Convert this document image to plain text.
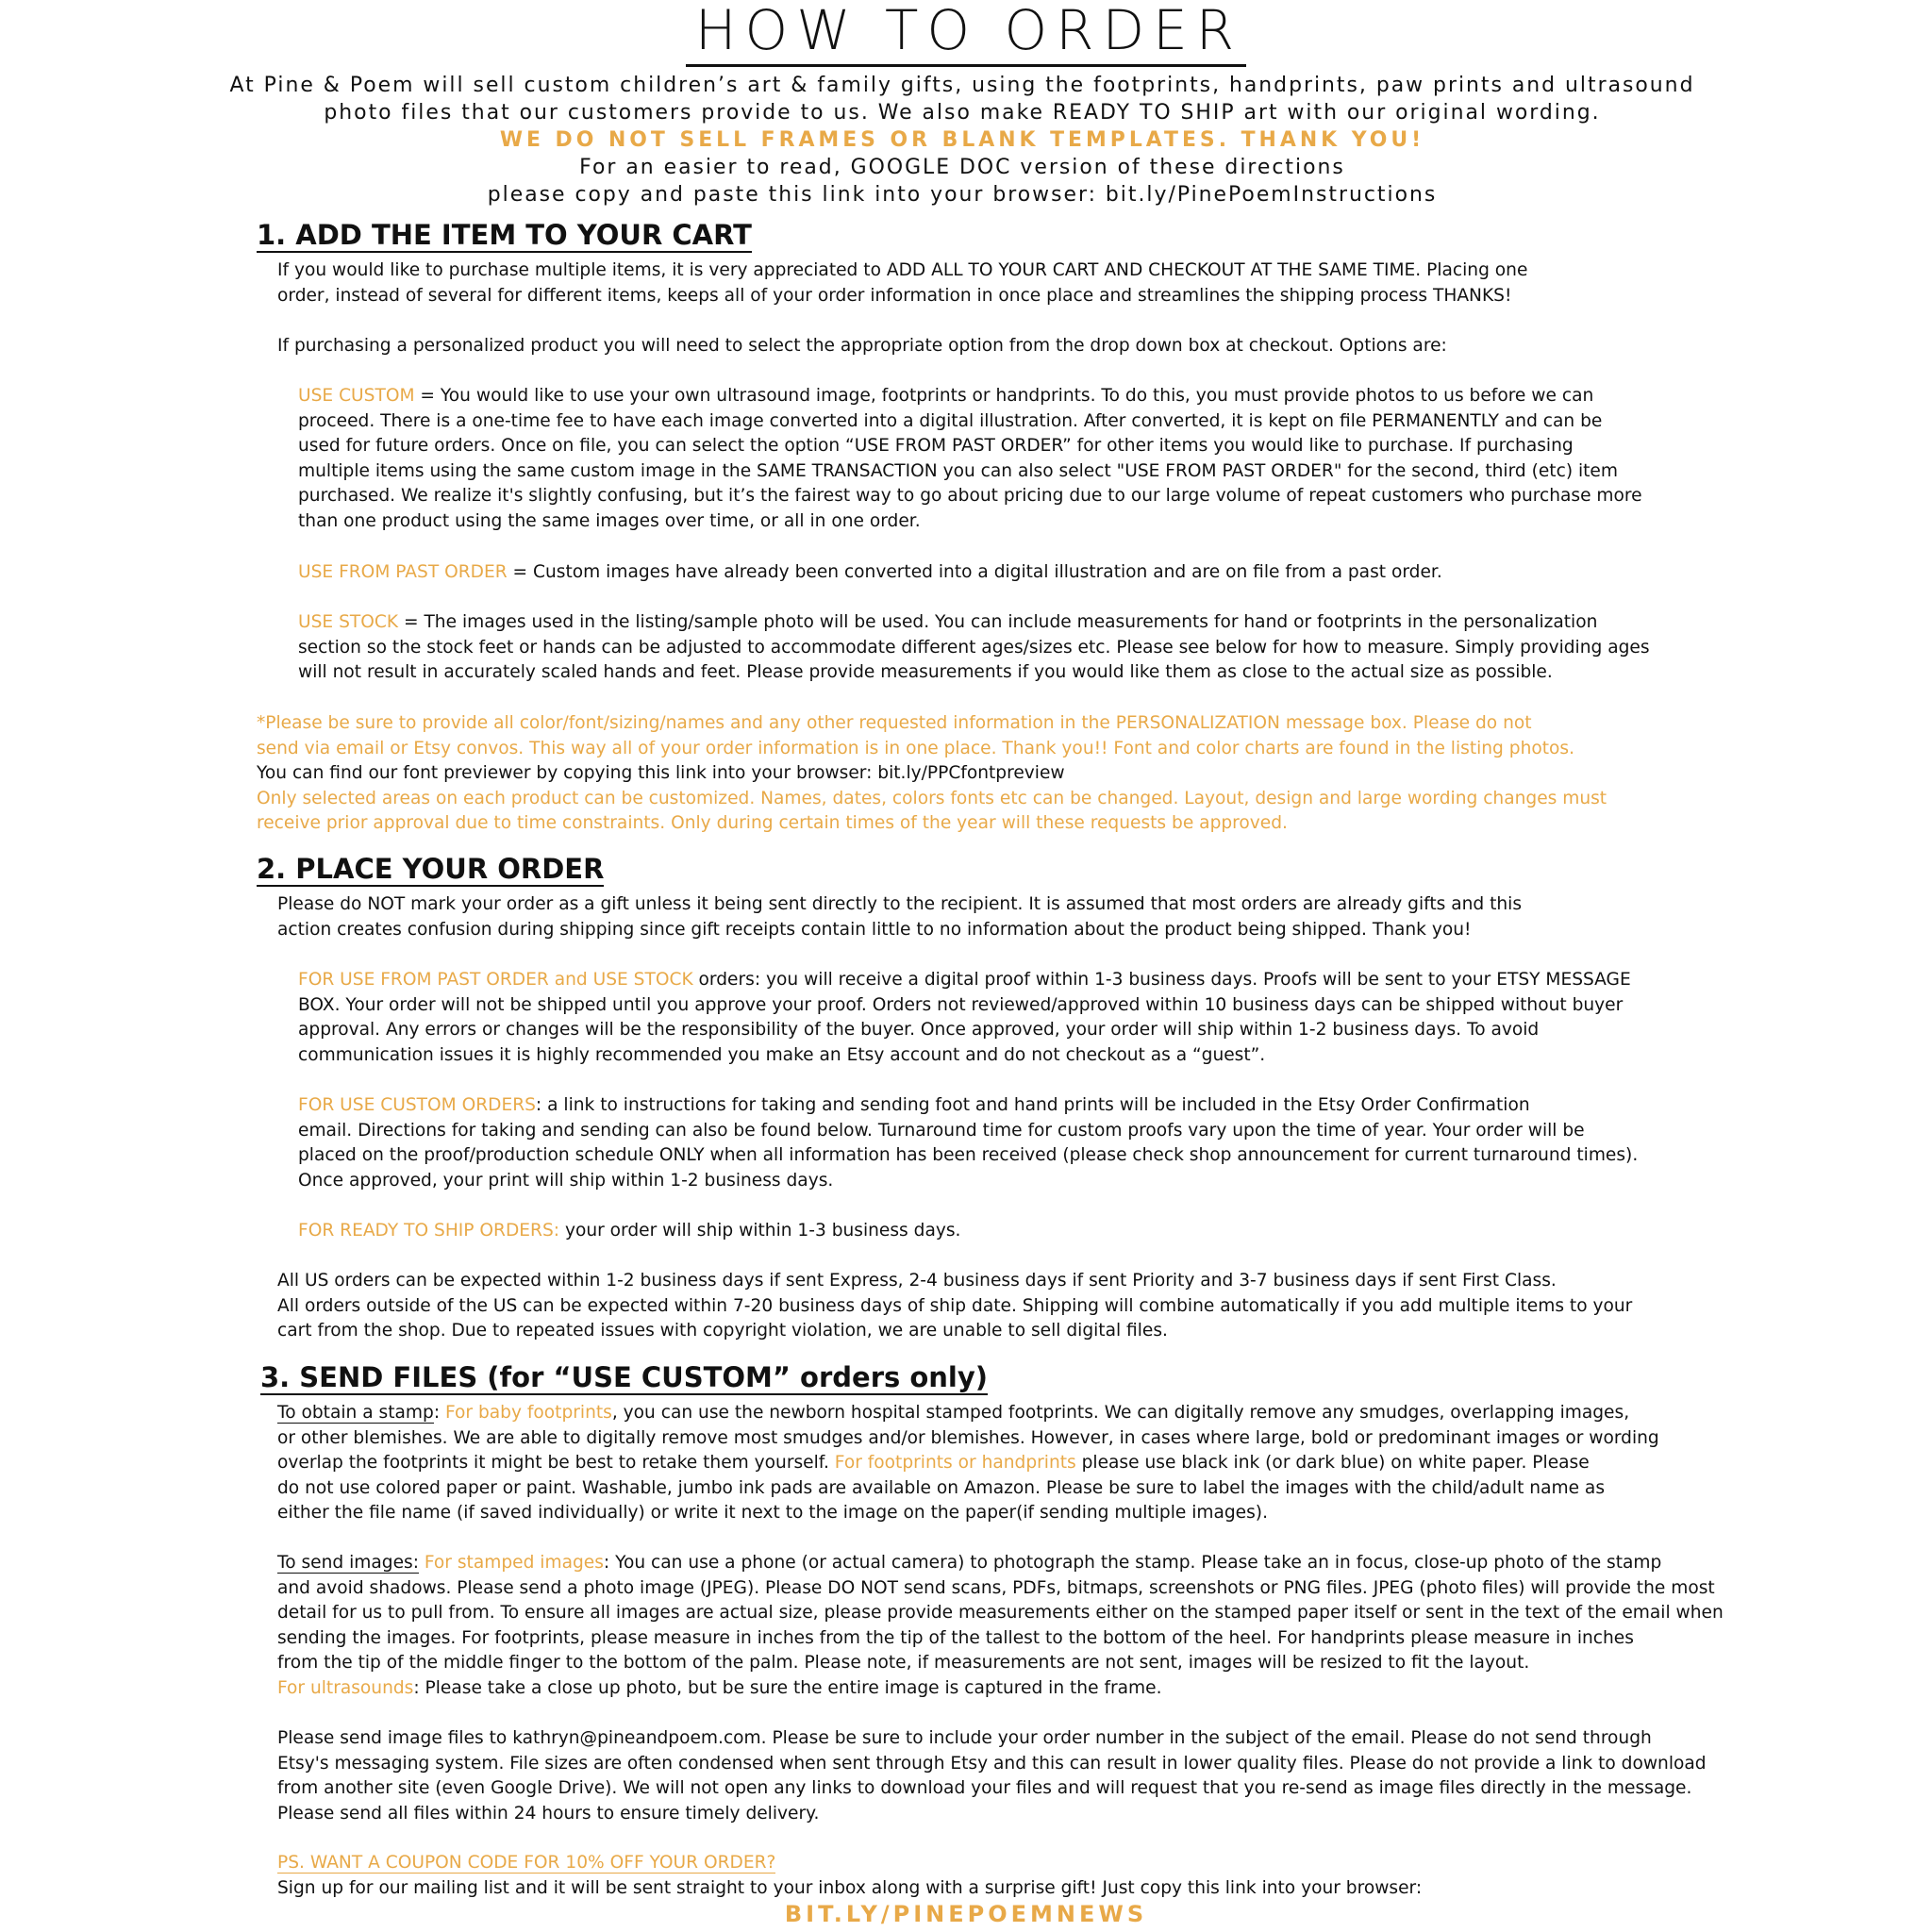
HOW TO ORDER
At Pine & Poem will sell custom children’s art & family gifts, using the footprints, handprints, paw prints and ultrasound
photo files that our customers provide to us. We also make READY TO SHIP art with our original wording.
WE DO NOT SELL FRAMES OR BLANK TEMPLATES. THANK YOU!
For an easier to read, GOOGLE DOC version of these directions
please copy and paste this link into your browser: bit.ly/PinePoemInstructions
1. ADD THE ITEM TO YOUR CART
If you would like to purchase multiple items, it is very appreciated to ADD ALL TO YOUR CART AND CHECKOUT AT THE SAME TIME. Placing one
order, instead of several for different items, keeps all of your order information in once place and streamlines the shipping process THANKS!
If purchasing a personalized product you will need to select the appropriate option from the drop down box at checkout. Options are:
USE CUSTOM = You would like to use your own ultrasound image, footprints or handprints. To do this, you must provide photos to us before we can
proceed. There is a one-time fee to have each image converted into a digital illustration. After converted, it is kept on file PERMANENTLY and can be
used for future orders. Once on file, you can select the option “USE FROM PAST ORDER” for other items you would like to purchase. If purchasing
multiple items using the same custom image in the SAME TRANSACTION you can also select "USE FROM PAST ORDER" for the second, third (etc) item
purchased. We realize it's slightly confusing, but it’s the fairest way to go about pricing due to our large volume of repeat customers who purchase more
than one product using the same images over time, or all in one order.
USE FROM PAST ORDER = Custom images have already been converted into a digital illustration and are on file from a past order.
USE STOCK = The images used in the listing/sample photo will be used. You can include measurements for hand or footprints in the personalization
section so the stock feet or hands can be adjusted to accommodate different ages/sizes etc. Please see below for how to measure. Simply providing ages
will not result in accurately scaled hands and feet. Please provide measurements if you would like them as close to the actual size as possible.
*Please be sure to provide all color/font/sizing/names and any other requested information in the PERSONALIZATION message box. Please do not
send via email or Etsy convos. This way all of your order information is in one place. Thank you!! Font and color charts are found in the listing photos.
You can find our font previewer by copying this link into your browser: bit.ly/PPCfontpreview
Only selected areas on each product can be customized. Names, dates, colors fonts etc can be changed. Layout, design and large wording changes must
receive prior approval due to time constraints. Only during certain times of the year will these requests be approved.
2. PLACE YOUR ORDER
Please do NOT mark your order as a gift unless it being sent directly to the recipient. It is assumed that most orders are already gifts and this
action creates confusion during shipping since gift receipts contain little to no information about the product being shipped. Thank you!
FOR USE FROM PAST ORDER and USE STOCK orders: you will receive a digital proof within 1-3 business days. Proofs will be sent to your ETSY MESSAGE
BOX. Your order will not be shipped until you approve your proof. Orders not reviewed/approved within 10 business days can be shipped without buyer
approval. Any errors or changes will be the responsibility of the buyer. Once approved, your order will ship within 1-2 business days. To avoid
communication issues it is highly recommended you make an Etsy account and do not checkout as a “guest”.
FOR USE CUSTOM ORDERS: a link to instructions for taking and sending foot and hand prints will be included in the Etsy Order Confirmation
email. Directions for taking and sending can also be found below. Turnaround time for custom proofs vary upon the time of year. Your order will be
placed on the proof/production schedule ONLY when all information has been received (please check shop announcement for current turnaround times).
Once approved, your print will ship within 1-2 business days.
FOR READY TO SHIP ORDERS: your order will ship within 1-3 business days.
All US orders can be expected within 1-2 business days if sent Express, 2-4 business days if sent Priority and 3-7 business days if sent First Class.
All orders outside of the US can be expected within 7-20 business days of ship date. Shipping will combine automatically if you add multiple items to your
cart from the shop. Due to repeated issues with copyright violation, we are unable to sell digital files.
3. SEND FILES (for “USE CUSTOM” orders only)
To obtain a stamp: For baby footprints, you can use the newborn hospital stamped footprints. We can digitally remove any smudges, overlapping images,
or other blemishes. We are able to digitally remove most smudges and/or blemishes. However, in cases where large, bold or predominant images or wording
overlap the footprints it might be best to retake them yourself. For footprints or handprints please use black ink (or dark blue) on white paper. Please
do not use colored paper or paint. Washable, jumbo ink pads are available on Amazon. Please be sure to label the images with the child/adult name as
either the file name (if saved individually) or write it next to the image on the paper(if sending multiple images).
To send images: For stamped images: You can use a phone (or actual camera) to photograph the stamp. Please take an in focus, close-up photo of the stamp
and avoid shadows. Please send a photo image (JPEG). Please DO NOT send scans, PDFs, bitmaps, screenshots or PNG files. JPEG (photo files) will provide the most
detail for us to pull from. To ensure all images are actual size, please provide measurements either on the stamped paper itself or sent in the text of the email when
sending the images. For footprints, please measure in inches from the tip of the tallest to the bottom of the heel. For handprints please measure in inches
from the tip of the middle finger to the bottom of the palm. Please note, if measurements are not sent, images will be resized to fit the layout.
For ultrasounds: Please take a close up photo, but be sure the entire image is captured in the frame.
Please send image files to kathryn@pineandpoem.com. Please be sure to include your order number in the subject of the email. Please do not send through
Etsy's messaging system. File sizes are often condensed when sent through Etsy and this can result in lower quality files. Please do not provide a link to download
from another site (even Google Drive). We will not open any links to download your files and will request that you re-send as image files directly in the message.
Please send all files within 24 hours to ensure timely delivery.
PS. WANT A COUPON CODE FOR 10% OFF YOUR ORDER?
Sign up for our mailing list and it will be sent straight to your inbox along with a surprise gift! Just copy this link into your browser:
BIT.LY/PINEPOEMNEWS
